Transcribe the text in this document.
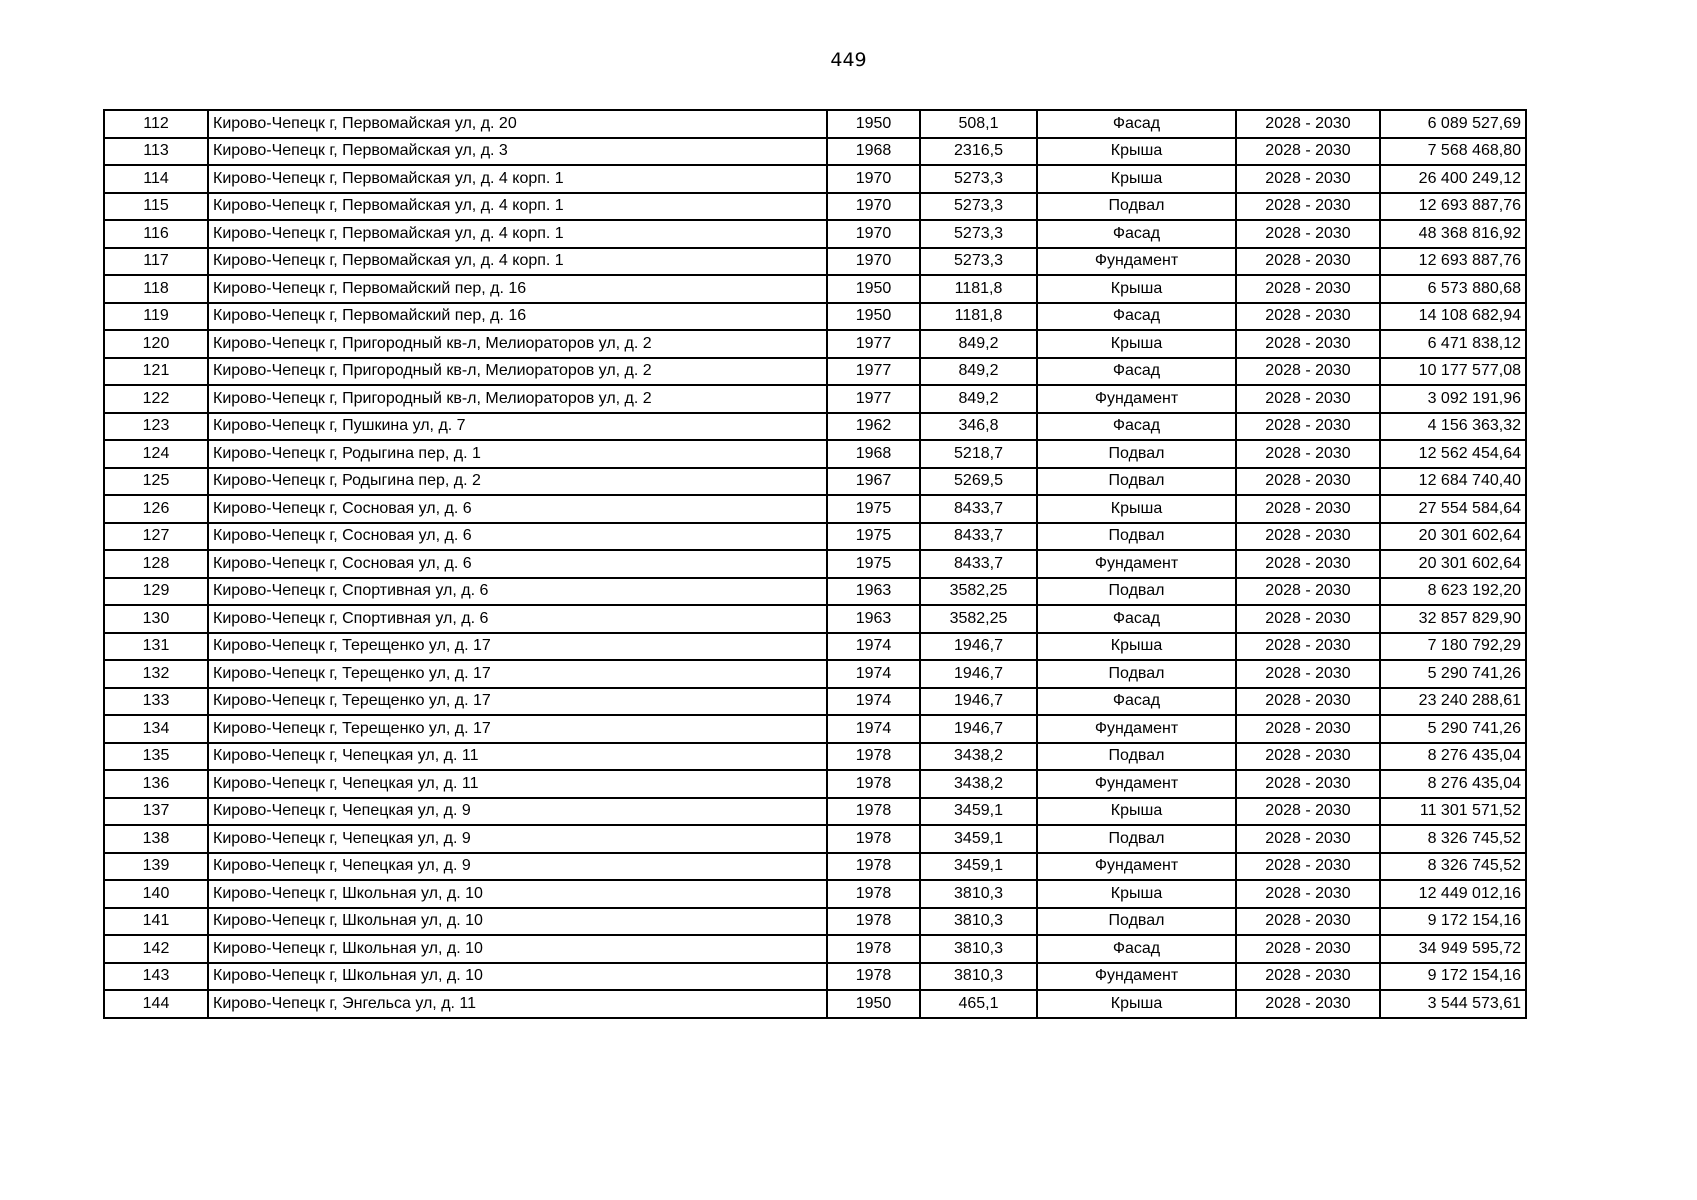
449
112	Кирово-Чепецк г, Первомайская ул, д. 20	1950	508,1	Фасад	2028 - 2030	6 089 527,69
113	Кирово-Чепецк г, Первомайская ул, д. 3	1968	2316,5	Крыша	2028 - 2030	7 568 468,80
114	Кирово-Чепецк г, Первомайская ул, д. 4 корп. 1	1970	5273,3	Крыша	2028 - 2030	26 400 249,12
115	Кирово-Чепецк г, Первомайская ул, д. 4 корп. 1	1970	5273,3	Подвал	2028 - 2030	12 693 887,76
116	Кирово-Чепецк г, Первомайская ул, д. 4 корп. 1	1970	5273,3	Фасад	2028 - 2030	48 368 816,92
117	Кирово-Чепецк г, Первомайская ул, д. 4 корп. 1	1970	5273,3	Фундамент	2028 - 2030	12 693 887,76
118	Кирово-Чепецк г, Первомайский пер, д. 16	1950	1181,8	Крыша	2028 - 2030	6 573 880,68
119	Кирово-Чепецк г, Первомайский пер, д. 16	1950	1181,8	Фасад	2028 - 2030	14 108 682,94
120	Кирово-Чепецк г, Пригородный кв-л, Мелиораторов ул, д. 2	1977	849,2	Крыша	2028 - 2030	6 471 838,12
121	Кирово-Чепецк г, Пригородный кв-л, Мелиораторов ул, д. 2	1977	849,2	Фасад	2028 - 2030	10 177 577,08
122	Кирово-Чепецк г, Пригородный кв-л, Мелиораторов ул, д. 2	1977	849,2	Фундамент	2028 - 2030	3 092 191,96
123	Кирово-Чепецк г, Пушкина ул, д. 7	1962	346,8	Фасад	2028 - 2030	4 156 363,32
124	Кирово-Чепецк г, Родыгина пер, д. 1	1968	5218,7	Подвал	2028 - 2030	12 562 454,64
125	Кирово-Чепецк г, Родыгина пер, д. 2	1967	5269,5	Подвал	2028 - 2030	12 684 740,40
126	Кирово-Чепецк г, Сосновая ул, д. 6	1975	8433,7	Крыша	2028 - 2030	27 554 584,64
127	Кирово-Чепецк г, Сосновая ул, д. 6	1975	8433,7	Подвал	2028 - 2030	20 301 602,64
128	Кирово-Чепецк г, Сосновая ул, д. 6	1975	8433,7	Фундамент	2028 - 2030	20 301 602,64
129	Кирово-Чепецк г, Спортивная ул, д. 6	1963	3582,25	Подвал	2028 - 2030	8 623 192,20
130	Кирово-Чепецк г, Спортивная ул, д. 6	1963	3582,25	Фасад	2028 - 2030	32 857 829,90
131	Кирово-Чепецк г, Терещенко ул, д. 17	1974	1946,7	Крыша	2028 - 2030	7 180 792,29
132	Кирово-Чепецк г, Терещенко ул, д. 17	1974	1946,7	Подвал	2028 - 2030	5 290 741,26
133	Кирово-Чепецк г, Терещенко ул, д. 17	1974	1946,7	Фасад	2028 - 2030	23 240 288,61
134	Кирово-Чепецк г, Терещенко ул, д. 17	1974	1946,7	Фундамент	2028 - 2030	5 290 741,26
135	Кирово-Чепецк г, Чепецкая ул, д. 11	1978	3438,2	Подвал	2028 - 2030	8 276 435,04
136	Кирово-Чепецк г, Чепецкая ул, д. 11	1978	3438,2	Фундамент	2028 - 2030	8 276 435,04
137	Кирово-Чепецк г, Чепецкая ул, д. 9	1978	3459,1	Крыша	2028 - 2030	11 301 571,52
138	Кирово-Чепецк г, Чепецкая ул, д. 9	1978	3459,1	Подвал	2028 - 2030	8 326 745,52
139	Кирово-Чепецк г, Чепецкая ул, д. 9	1978	3459,1	Фундамент	2028 - 2030	8 326 745,52
140	Кирово-Чепецк г, Школьная ул, д. 10	1978	3810,3	Крыша	2028 - 2030	12 449 012,16
141	Кирово-Чепецк г, Школьная ул, д. 10	1978	3810,3	Подвал	2028 - 2030	9 172 154,16
142	Кирово-Чепецк г, Школьная ул, д. 10	1978	3810,3	Фасад	2028 - 2030	34 949 595,72
143	Кирово-Чепецк г, Школьная ул, д. 10	1978	3810,3	Фундамент	2028 - 2030	9 172 154,16
144	Кирово-Чепецк г, Энгельса ул, д. 11	1950	465,1	Крыша	2028 - 2030	3 544 573,61
